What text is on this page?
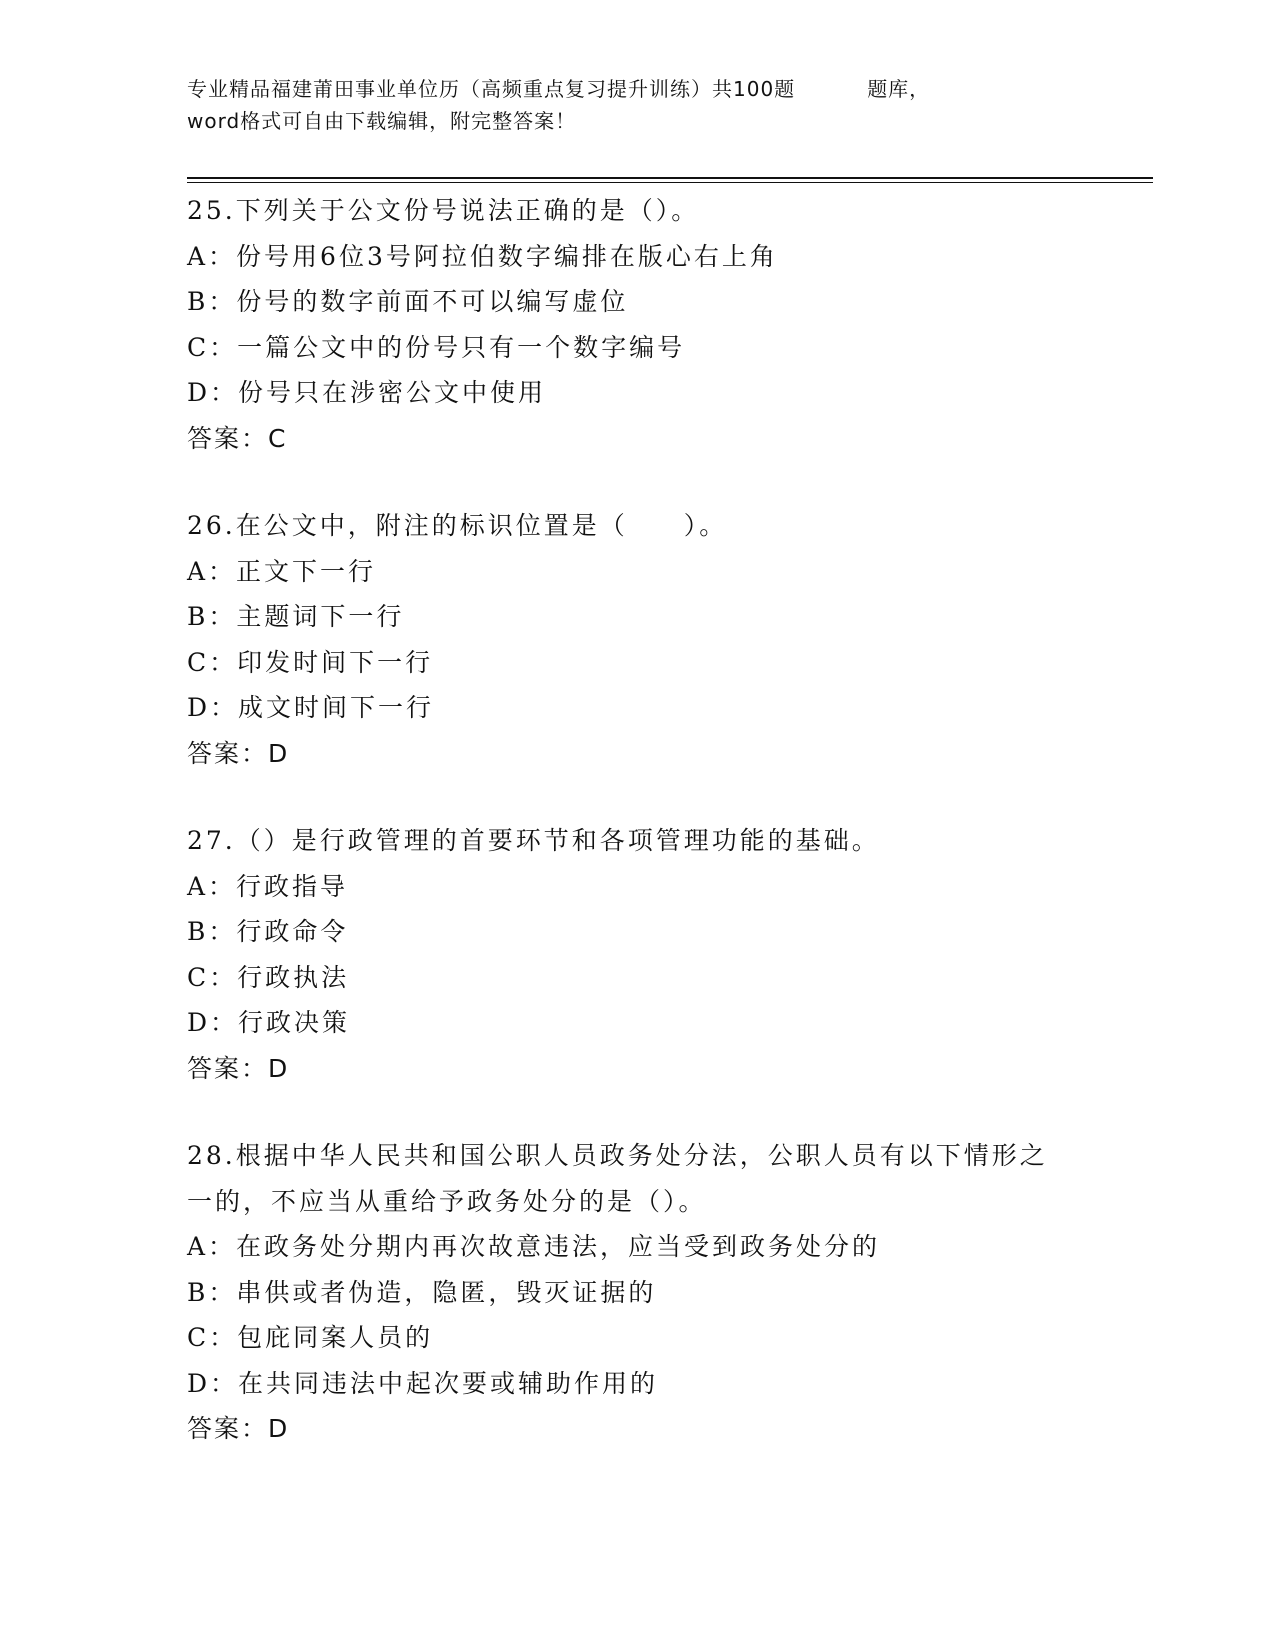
专业精品福建莆田事业单位历（高频重点复习提升训练）共100题	题库，
word格式可自由下载编辑，附完整答案！
25.下列关于公文份号说法正确的是（）。
A：份号用6位3号阿拉伯数字编排在版心右上角
B：份号的数字前面不可以编写虚位
C：一篇公文中的份号只有一个数字编号
D：份号只在涉密公文中使用
答案：C
26.在公文中，附注的标识位置是（　　）。
A：正文下一行
B：主题词下一行
C：印发时间下一行
D：成文时间下一行
答案：D
27.（）是行政管理的首要环节和各项管理功能的基础。
A：行政指导
B：行政命令
C：行政执法
D：行政决策
答案：D
28.根据中华人民共和国公职人员政务处分法，公职人员有以下情形之
一的，不应当从重给予政务处分的是（）。
A：在政务处分期内再次故意违法，应当受到政务处分的
B：串供或者伪造，隐匿，毁灭证据的
C：包庇同案人员的
D：在共同违法中起次要或辅助作用的
答案：D
